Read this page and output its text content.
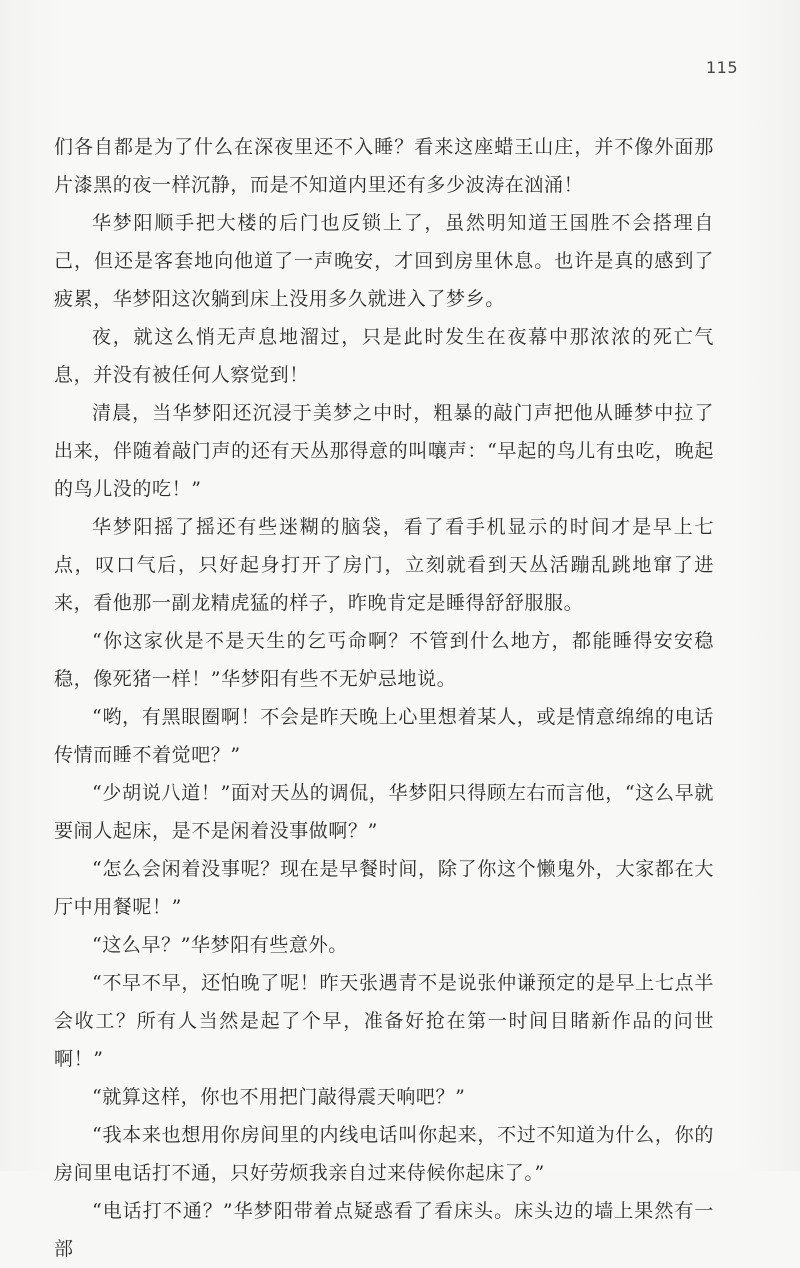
115

们各自都是为了什么在深夜里还不入睡？看来这座蜡王山庄，并不像外面那片漆黑的夜一样沉静，而是不知道内里还有多少波涛在汹涌！

华梦阳顺手把大楼的后门也反锁上了，虽然明知道王国胜不会搭理自己，但还是客套地向他道了一声晚安，才回到房里休息。也许是真的感到了疲累，华梦阳这次躺到床上没用多久就进入了梦乡。

夜，就这么悄无声息地溜过，只是此时发生在夜幕中那浓浓的死亡气息，并没有被任何人察觉到！

清晨，当华梦阳还沉浸于美梦之中时，粗暴的敲门声把他从睡梦中拉了出来，伴随着敲门声的还有天丛那得意的叫嚷声：“早起的鸟儿有虫吃，晚起的鸟儿没的吃！”

华梦阳摇了摇还有些迷糊的脑袋，看了看手机显示的时间才是早上七点，叹口气后，只好起身打开了房门，立刻就看到天丛活蹦乱跳地窜了进来，看他那一副龙精虎猛的样子，昨晚肯定是睡得舒舒服服。

“你这家伙是不是天生的乞丐命啊？不管到什么地方，都能睡得安安稳稳，像死猪一样！”华梦阳有些不无妒忌地说。

“哟，有黑眼圈啊！不会是昨天晚上心里想着某人，或是情意绵绵的电话传情而睡不着觉吧？”

“少胡说八道！”面对天丛的调侃，华梦阳只得顾左右而言他，“这么早就要闹人起床，是不是闲着没事做啊？”

“怎么会闲着没事呢？现在是早餐时间，除了你这个懒鬼外，大家都在大厅中用餐呢！”

“这么早？”华梦阳有些意外。

“不早不早，还怕晚了呢！昨天张遇青不是说张仲谦预定的是早上七点半会收工？所有人当然是起了个早，准备好抢在第一时间目睹新作品的问世啊！”

“就算这样，你也不用把门敲得震天响吧？”

“我本来也想用你房间里的内线电话叫你起来，不过不知道为什么，你的房间里电话打不通，只好劳烦我亲自过来侍候你起床了。”

“电话打不通？”华梦阳带着点疑惑看了看床头。床头边的墙上果然有一部
